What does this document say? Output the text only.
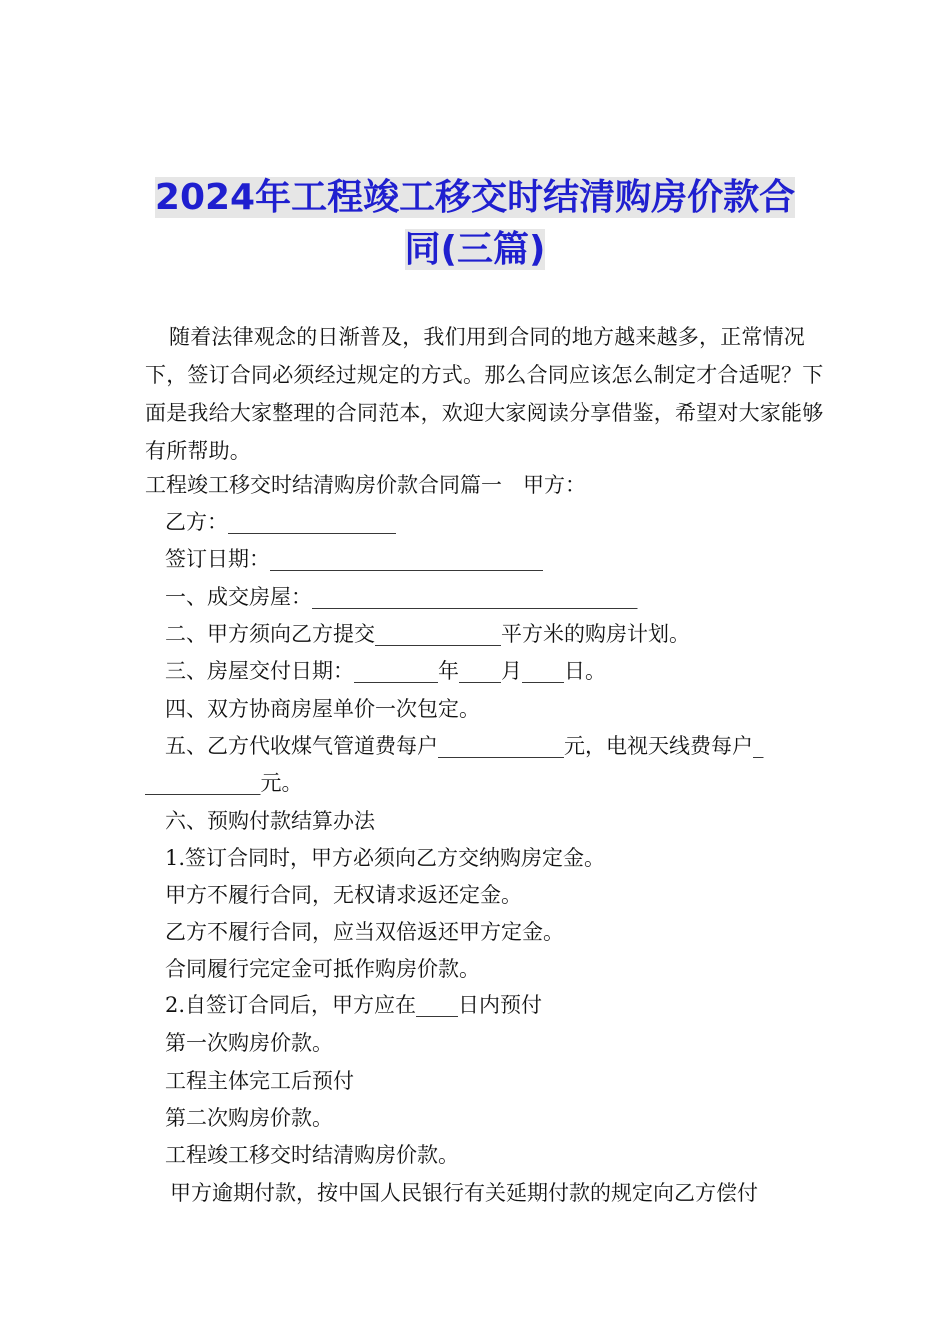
2024年工程竣工移交时结清购房价款合
同(三篇)
随着法律观念的日渐普及，我们用到合同的地方越来越多，正常情况下，签订合同必须经过规定的方式。那么合同应该怎么制定才合适呢？下面是我给大家整理的合同范本，欢迎大家阅读分享借鉴，希望对大家能够有所帮助。
工程竣工移交时结清购房价款合同篇一　甲方：
乙方：________________
签订日期：__________________________
一、成交房屋：_______________________________
二、甲方须向乙方提交____________平方米的购房计划。
三、房屋交付日期：________年____月____日。
四、双方协商房屋单价一次包定。
五、乙方代收煤气管道费每户____________元，电视天线费每户_
___________元。
六、预购付款结算办法
1.签订合同时，甲方必须向乙方交纳购房定金。
甲方不履行合同，无权请求返还定金。
乙方不履行合同，应当双倍返还甲方定金。
合同履行完定金可抵作购房价款。
2.自签订合同后，甲方应在____日内预付
第一次购房价款。
工程主体完工后预付
第二次购房价款。
工程竣工移交时结清购房价款。
甲方逾期付款，按中国人民银行有关延期付款的规定向乙方偿付
